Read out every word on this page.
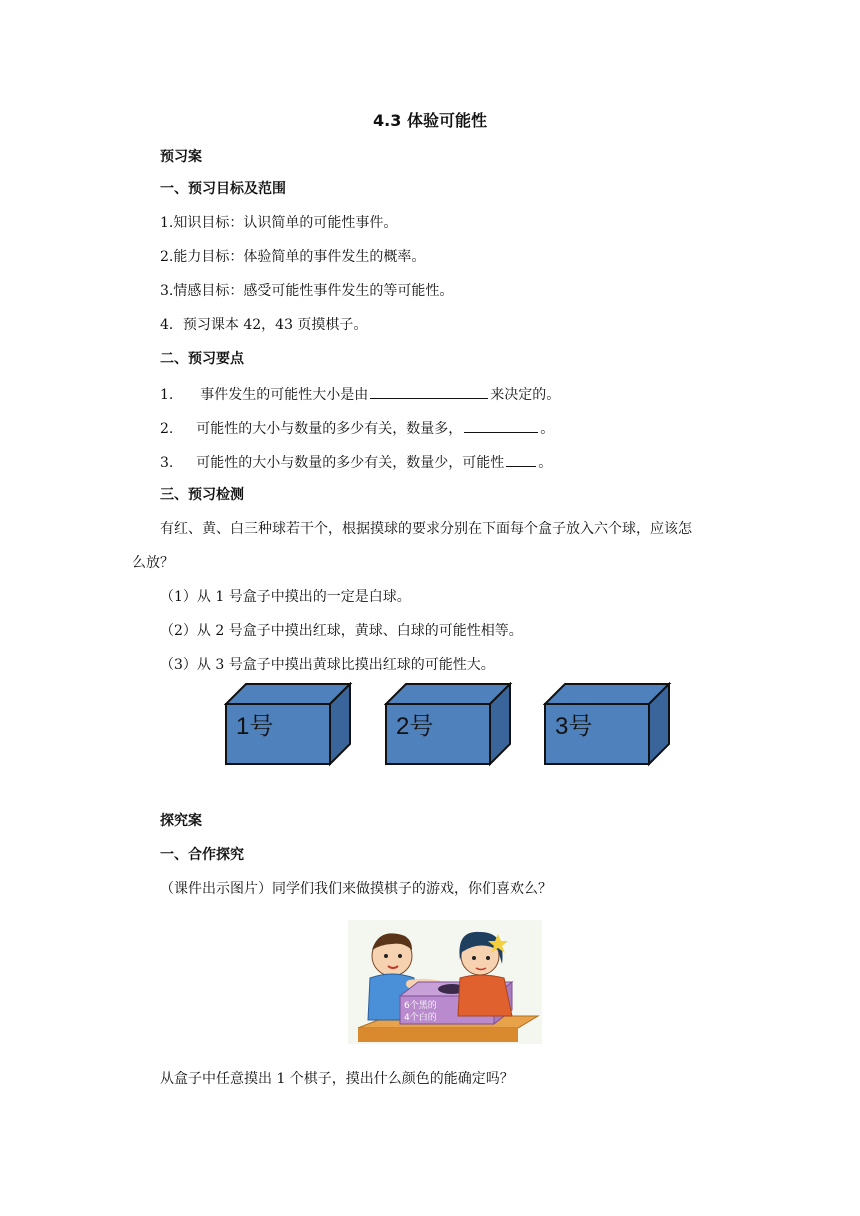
4.3 体验可能性
预习案
一、预习目标及范围
1.知识目标：认识简单的可能性事件。
2.能力目标：体验简单的事件发生的概率。
3.情感目标：感受可能性事件发生的等可能性。
4．预习课本 42，43 页摸棋子。
二、预习要点
1. 事件发生的可能性大小是由	来决定的。
2. 可能性的大小与数量的多少有关，数量多，	。
3. 可能性的大小与数量的多少有关，数量少，可能性 。
三、预习检测
有红、黄、白三种球若干个，根据摸球的要求分别在下面每个盒子放入六个球，应该怎
么放？
（1）从 1 号盒子中摸出的一定是白球。
（2）从 2 号盒子中摸出红球，黄球、白球的可能性相等。
（3）从 3 号盒子中摸出黄球比摸出红球的可能性大。
1号	2号	3号
探究案
一、合作探究
（课件出示图片）同学们我们来做摸棋子的游戏，你们喜欢么？
6个黑的
4个白的
从盒子中任意摸出 1 个棋子，摸出什么颜色的能确定吗？
